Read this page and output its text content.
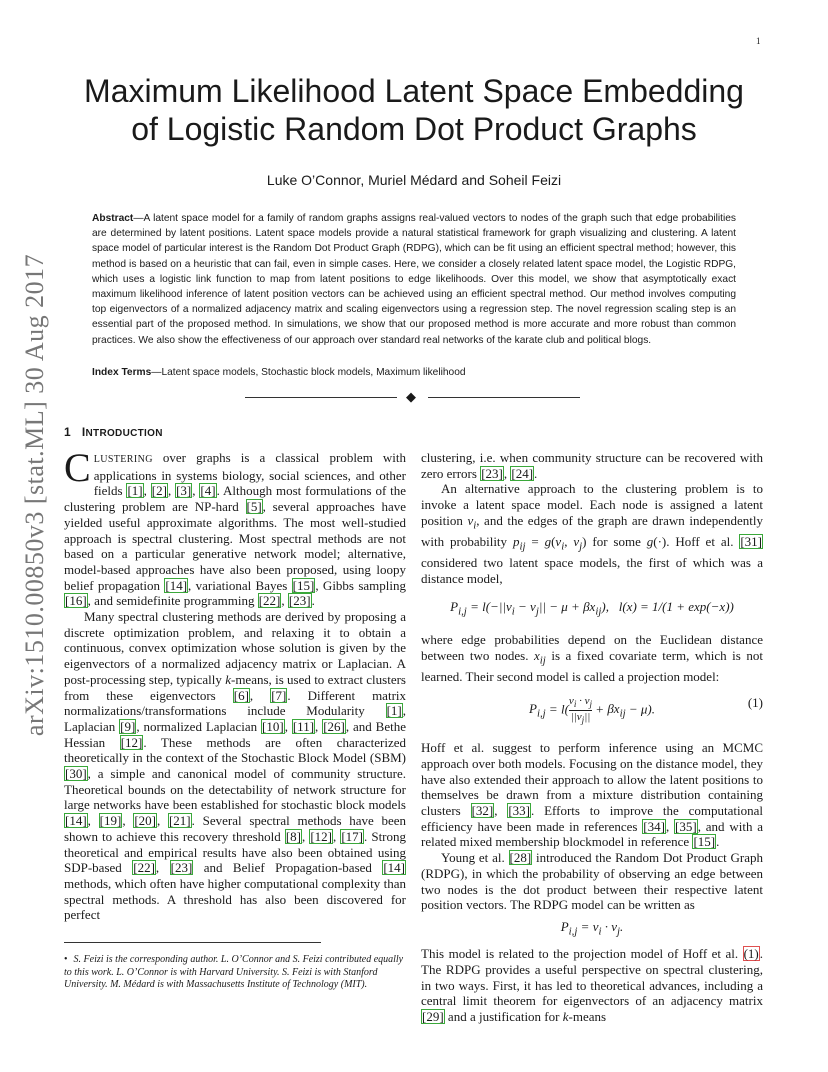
1
arXiv:1510.00850v3 [stat.ML] 30 Aug 2017
Maximum Likelihood Latent Space Embedding
of Logistic Random Dot Product Graphs
Luke O’Connor, Muriel Médard and Soheil Feizi
Abstract—A latent space model for a family of random graphs assigns real-valued vectors to nodes of the graph such that edge probabilities are determined by latent positions. Latent space models provide a natural statistical framework for graph visualizing and clustering. A latent space model of particular interest is the Random Dot Product Graph (RDPG), which can be fit using an efficient spectral method; however, this method is based on a heuristic that can fail, even in simple cases. Here, we consider a closely related latent space model, the Logistic RDPG, which uses a logistic link function to map from latent positions to edge likelihoods. Over this model, we show that asymptotically exact maximum likelihood inference of latent position vectors can be achieved using an efficient spectral method. Our method involves computing top eigenvectors of a normalized adjacency matrix and scaling eigenvectors using a regression step. The novel regression scaling step is an essential part of the proposed method. In simulations, we show that our proposed method is more accurate and more robust than common practices. We also show the effectiveness of our approach over standard real networks of the karate club and political blogs.
Index Terms—Latent space models, Stochastic block models, Maximum likelihood
◆
1 INTRODUCTION

CLUSTERING over graphs is a classical problem with applications in systems biology, social sciences, and other fields [1], [2], [3], [4]. Although most formulations of the clustering problem are NP-hard [5], several approaches have yielded useful approximate algorithms. The most well-studied approach is spectral clustering. Most spectral methods are not based on a particular generative network model; alternative, model-based approaches have also been proposed, using loopy belief propagation [14], variational Bayes [15], Gibbs sampling [16], and semidefinite programming [22], [23].

Many spectral clustering methods are derived by proposing a discrete optimization problem, and relaxing it to obtain a continuous, convex optimization whose solution is given by the eigenvectors of a normalized adjacency matrix or Laplacian. A post-processing step, typically k-means, is used to extract clusters from these eigenvectors [6], [7]. Different matrix normalizations/transformations include Modularity [1], Laplacian [9], normalized Laplacian [10], [11], [26], and Bethe Hessian [12]. These methods are often characterized theoretically in the context of the Stochastic Block Model (SBM) [30], a simple and canonical model of community structure. Theoretical bounds on the detectability of network structure for large networks have been established for stochastic block models [14], [19], [20], [21]. Several spectral methods have been shown to achieve this recovery threshold [8], [12], [17]. Strong theoretical and empirical results have also been obtained using SDP-based [22], [23] and Belief Propagation-based [14] methods, which often have higher computational complexity than spectral methods. A threshold has also been discovered for perfect

clustering, i.e. when community structure can be recovered with zero errors [23], [24].

An alternative approach to the clustering problem is to invoke a latent space model. Each node is assigned a latent position $v_i$, and the edges of the graph are drawn independently with probability $p_{ij} = g(v_i$, $v_j$) for some g(·). Hoff et al. [31] considered two latent space models, the first of which was a distance model,

$P_{i,j} = l(-||v_i - v_j|| - \mu + \beta x_{ij})$,   l(x) = 1/(1 + exp(−x))

where edge probabilities depend on the Euclidean distance between two nodes. $x_{ij}$ is a fixed covariate term, which is not learned. Their second model is called a projection model:

$P_{i,j} = l( \frac{v_i \cdot v_j}{||v_j||} + \beta x_{ij} - \mu)$.	(1)

Hoff et al. suggest to perform inference using an MCMC approach over both models. Focusing on the distance model, they have also extended their approach to allow the latent positions to themselves be drawn from a mixture distribution containing clusters [32], [33]. Efforts to improve the computational efficiency have been made in references [34], [35], and with a related mixed membership blockmodel in reference [15].

Young et al. [28] introduced the Random Dot Product Graph (RDPG), in which the probability of observing an edge between two nodes is the dot product between their respective latent position vectors. The RDPG model can be written as

$P_{i,j} = v_i \cdot v_j$.

This model is related to the projection model of Hoff et al. (1). The RDPG provides a useful perspective on spectral clustering, in two ways. First, it has led to theoretical advances, including a central limit theorem for eigenvectors of an adjacency matrix [29] and a justification for k-means

• S. Feizi is the corresponding author. L. O’Connor and S. Feizi contributed equally to this work. L. O’Connor is with Harvard University. S. Feizi is with Stanford University. M. Médard is with Massachusetts Institute of Technology (MIT).
